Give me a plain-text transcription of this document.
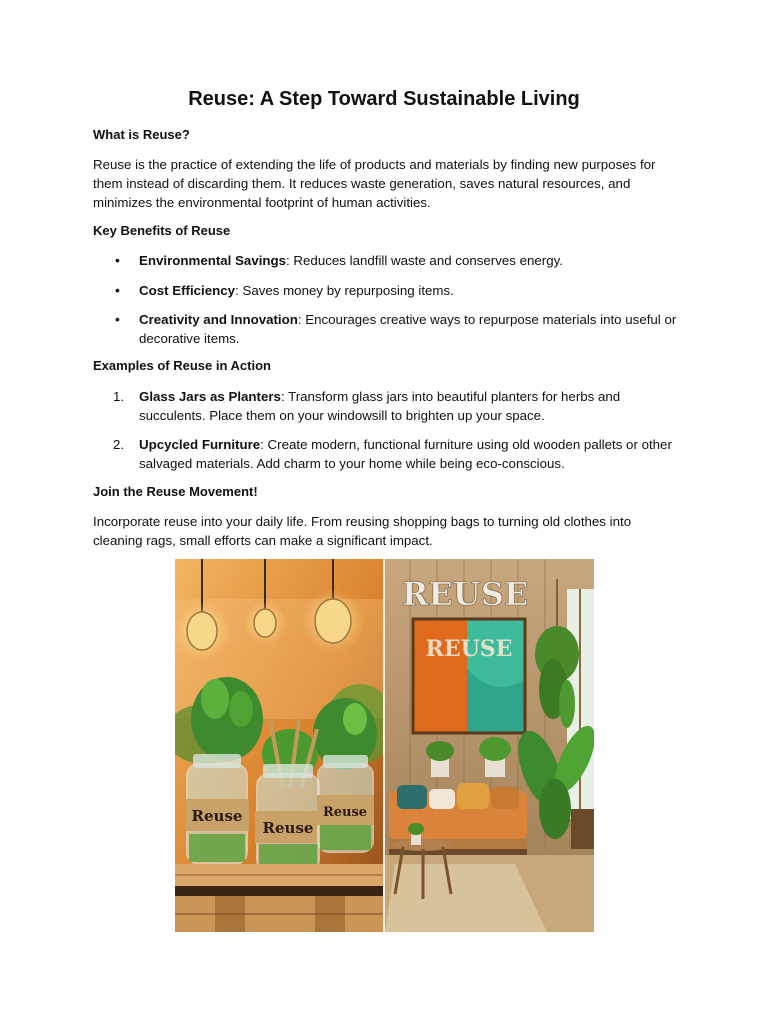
Reuse: A Step Toward Sustainable Living
What is Reuse?
Reuse is the practice of extending the life of products and materials by finding new purposes for them instead of discarding them. It reduces waste generation, saves natural resources, and minimizes the environmental footprint of human activities.
Key Benefits of Reuse
• Environmental Savings: Reduces landfill waste and conserves energy.
• Cost Efficiency: Saves money by repurposing items.
• Creativity and Innovation: Encourages creative ways to repurpose materials into useful or decorative items.
Examples of Reuse in Action
1. Glass Jars as Planters: Transform glass jars into beautiful planters for herbs and succulents. Place them on your windowsill to brighten up your space.
2. Upcycled Furniture: Create modern, functional furniture using old wooden pallets or other salvaged materials. Add charm to your home while being eco-conscious.
Join the Reuse Movement!
Incorporate reuse into your daily life. From reusing shopping bags to turning old clothes into cleaning rags, small efforts can make a significant impact.
Reuse
Reuse
Reuse
REUSE
REUSE
